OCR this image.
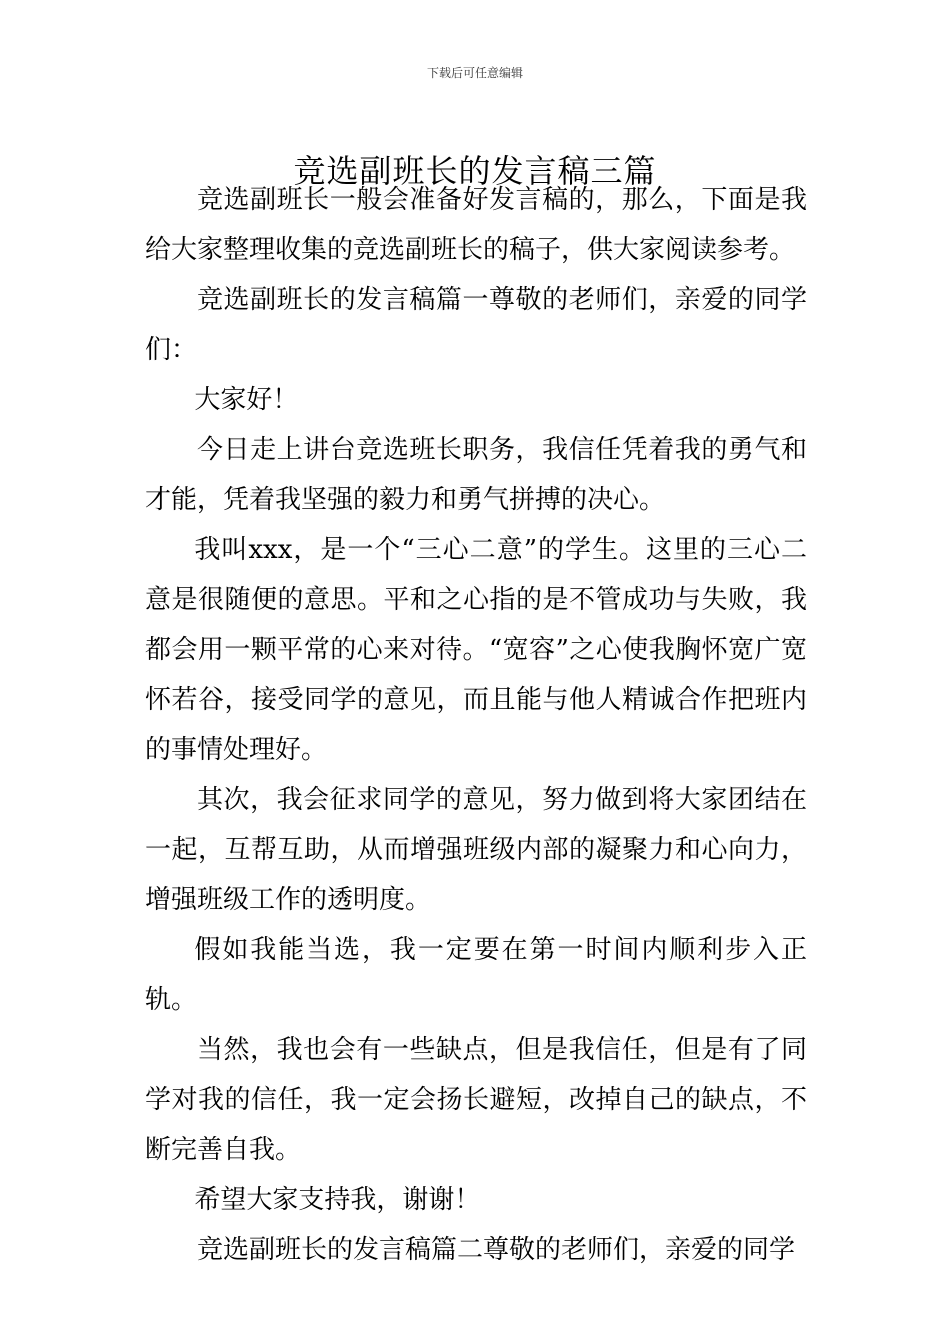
下载后可任意编辑
竞选副班长的发言稿三篇

竞选副班长一般会准备好发言稿的，那么，下面是我给大家整理收集的竞选副班长的稿子，供大家阅读参考。

竞选副班长的发言稿篇一尊敬的老师们，亲爱的同学们：

大家好！

今日走上讲台竞选班长职务，我信任凭着我的勇气和才能，凭着我坚强的毅力和勇气拼搏的决心。

我叫xxx，是一个“三心二意”的学生。这里的三心二意是很随便的意思。平和之心指的是不管成功与失败，我都会用一颗平常的心来对待。“宽容”之心使我胸怀宽广宽怀若谷，接受同学的意见，而且能与他人精诚合作把班内的事情处理好。

其次，我会征求同学的意见，努力做到将大家团结在一起，互帮互助，从而增强班级内部的凝聚力和心向力，增强班级工作的透明度。

假如我能当选，我一定要在第一时间内顺利步入正轨。

当然，我也会有一些缺点，但是我信任，但是有了同学对我的信任，我一定会扬长避短，改掉自己的缺点，不断完善自我。

希望大家支持我，谢谢！

竞选副班长的发言稿篇二尊敬的老师们，亲爱的同学
